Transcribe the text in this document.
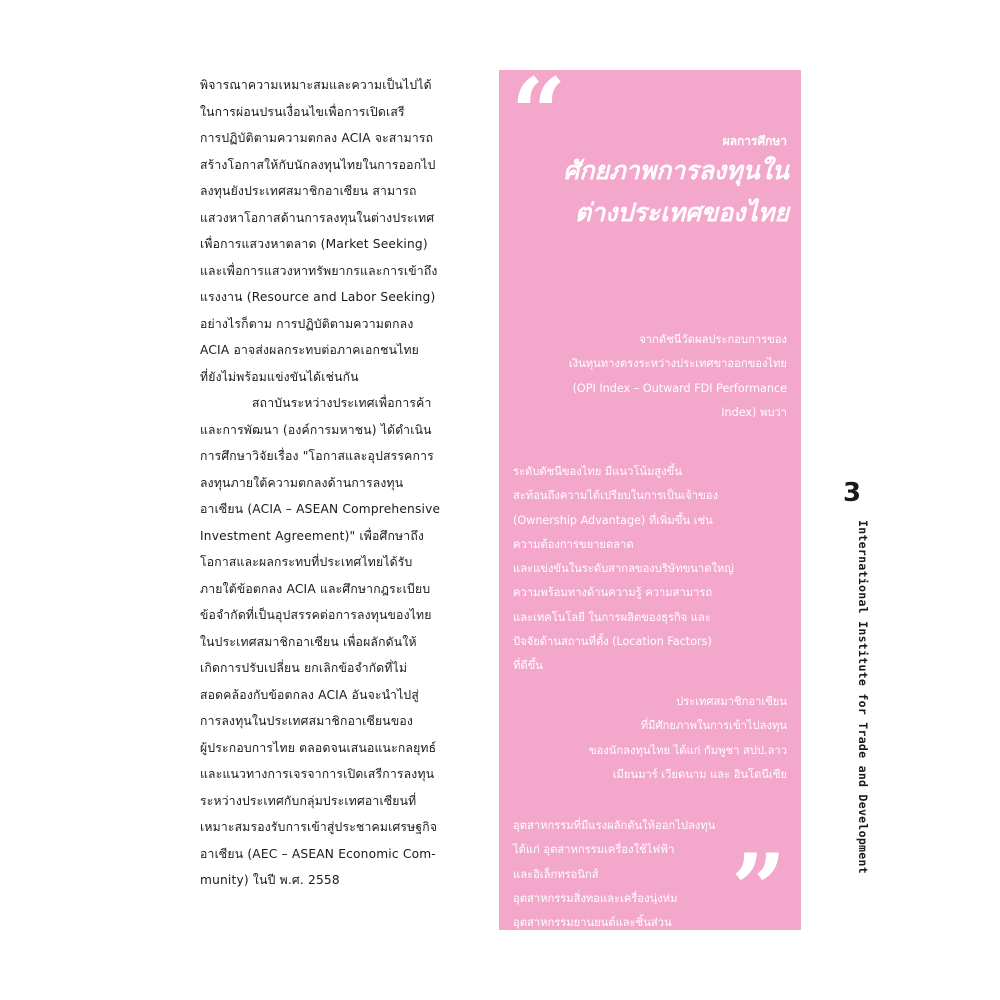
พิจารณาความเหมาะสมและความเป็นไปได้
ในการผ่อนปรนเงื่อนไขเพื่อการเปิดเสรี
การปฏิบัติตามความตกลง ACIA จะสามารถ
สร้างโอกาสให้กับนักลงทุนไทยในการออกไป
ลงทุนยังประเทศสมาชิกอาเซียน สามารถ
แสวงหาโอกาสด้านการลงทุนในต่างประเทศ
เพื่อการแสวงหาตลาด (Market Seeking)
และเพื่อการแสวงหาทรัพยากรและการเข้าถึง
แรงงาน (Resource and Labor Seeking)
อย่างไรก็ตาม การปฏิบัติตามความตกลง
ACIA อาจส่งผลกระทบต่อภาคเอกชนไทย
ที่ยังไม่พร้อมแข่งขันได้เช่นกัน

สถาบันระหว่างประเทศเพื่อการค้า
และการพัฒนา (องค์การมหาชน) ได้ดำเนิน
การศึกษาวิจัยเรื่อง "โอกาสและอุปสรรคการ
ลงทุนภายใต้ความตกลงด้านการลงทุน
อาเซียน (ACIA – ASEAN Comprehensive
Investment Agreement)" เพื่อศึกษาถึง
โอกาสและผลกระทบที่ประเทศไทยได้รับ
ภายใต้ข้อตกลง ACIA และศึกษากฎระเบียบ
ข้อจำกัดที่เป็นอุปสรรคต่อการลงทุนของไทย
ในประเทศสมาชิกอาเซียน เพื่อผลักดันให้
เกิดการปรับเปลี่ยน ยกเลิกข้อจำกัดที่ไม่
สอดคล้องกับข้อตกลง ACIA อันจะนำไปสู่
การลงทุนในประเทศสมาชิกอาเซียนของ
ผู้ประกอบการไทย ตลอดจนเสนอแนะกลยุทธ์
และแนวทางการเจรจาการเปิดเสรีการลงทุน
ระหว่างประเทศกับกลุ่มประเทศอาเซียนที่
เหมาะสมรองรับการเข้าสู่ประชาคมเศรษฐกิจ
อาเซียน (AEC – ASEAN Economic Com-
munity) ในปี พ.ศ. 2558

“	ผลการศึกษา
ศักยภาพการลงทุนใน
ต่างประเทศของไทย
จากดัชนีวัดผลประกอบการของ
เงินทุนทางตรงระหว่างประเทศขาออกของไทย
(OPI Index – Outward FDI Performance
Index) พบว่า
ระดับดัชนีของไทย มีแนวโน้มสูงขึ้น
สะท้อนถึงความได้เปรียบในการเป็นเจ้าของ
(Ownership Advantage) ที่เพิ่มขึ้น เช่น
ความต้องการขยายตลาด
และแข่งขันในระดับสากลของบริษัทขนาดใหญ่
ความพร้อมทางด้านความรู้ ความสามารถ
และเทคโนโลยี ในการผลิตของธุรกิจ และ
ปัจจัยด้านสถานที่ตั้ง (Location Factors)
ที่ดีขึ้น
ประเทศสมาชิกอาเซียน
ที่มีศักยภาพในการเข้าไปลงทุน
ของนักลงทุนไทย ได้แก่ กัมพูชา สปป.ลาว
เมียนมาร์ เวียดนาม และ อินโดนีเซีย
อุตสาหกรรมที่มีแรงผลักดันให้ออกไปลงทุน
ได้แก่ อุตสาหกรรมเครื่องใช้ไฟฟ้า
และอิเล็กทรอนิกส์
อุตสาหกรรมสิ่งทอและเครื่องนุ่งห่ม
อุตสาหกรรมยานยนต์และชิ้นส่วน
และอุตสาหกรรมอาหาร
”
3
International Institute for Trade and Development
